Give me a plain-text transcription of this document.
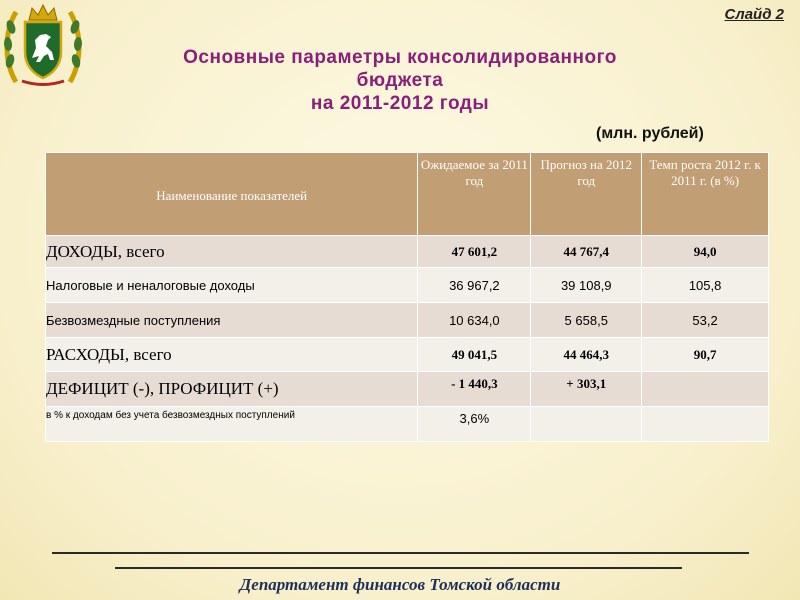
Слайд 2
Основные параметры консолидированного
бюджета
на 2011-2012 годы
(млн. рублей)
Наименование показателей	Ожидаемое за 2011 год	Прогноз на 2012 год	Темп роста 2012 г. к 2011 г. (в %)

ДОХОДЫ, всего	47 601,2	44 767,4	94,0
Налоговые и неналоговые доходы	36 967,2	39 108,9	105,8
Безвозмездные поступления	10 634,0	5 658,5	53,2
РАСХОДЫ, всего	49 041,5	44 464,3	90,7
ДЕФИЦИТ (-), ПРОФИЦИТ (+)	- 1 440,3	+ 303,1	
в % к доходам без учета безвозмездных поступлений	3,6%		
Департамент финансов Томской области
